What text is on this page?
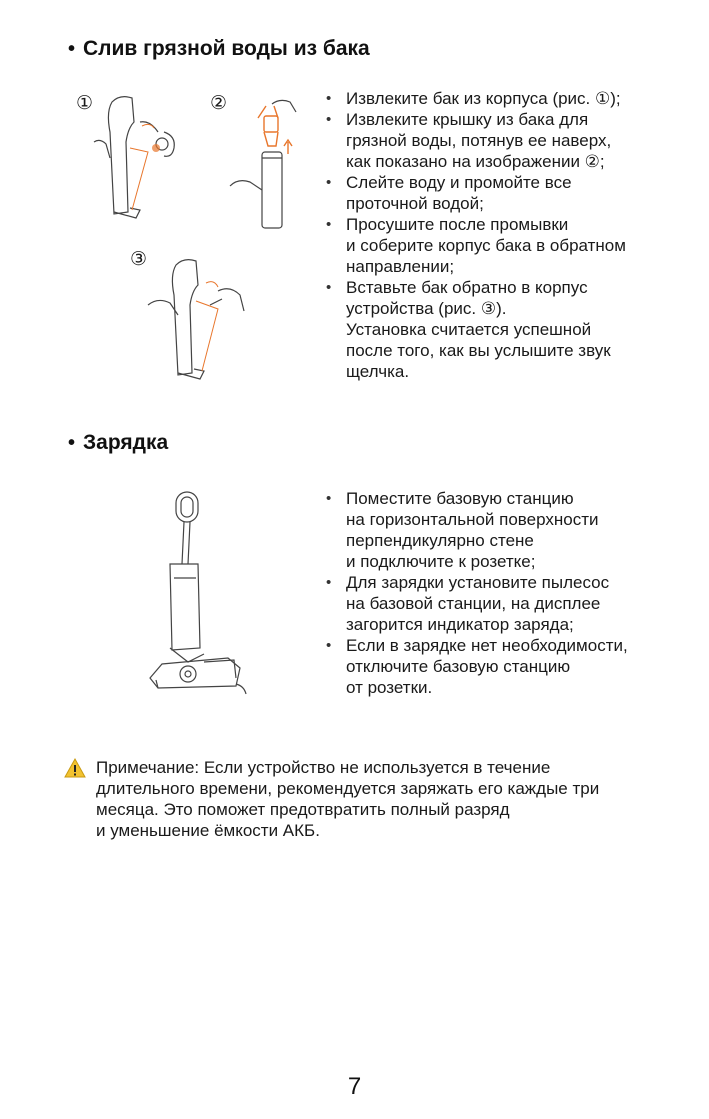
• Слив грязной воды из бака
①	②
③
• Извлеките бак из корпуса (рис. ①);
• Извлеките крышку из бака для
грязной воды, потянув ее наверх,
как показано на изображении ②;
• Слейте воду и промойте все
проточной водой;
• Просушите после промывки
и соберите корпус бака в обратном
направлении;
• Вставьте бак обратно в корпус
устройства (рис. ③).
Установка считается успешной
после того, как вы услышите звук
щелчка.
• Зарядка
• Поместите базовую станцию
на горизонтальной поверхности
перпендикулярно стене
и подключите к розетке;
• Для зарядки установите пылесос
на базовой станции, на дисплее
загорится индикатор заряда;
• Если в зарядке нет необходимости,
отключите базовую станцию
от розетки.
Примечание: Если устройство не используется в течение
длительного времени, рекомендуется заряжать его каждые три
месяца. Это поможет предотвратить полный разряд
и уменьшение ёмкости АКБ.
7
